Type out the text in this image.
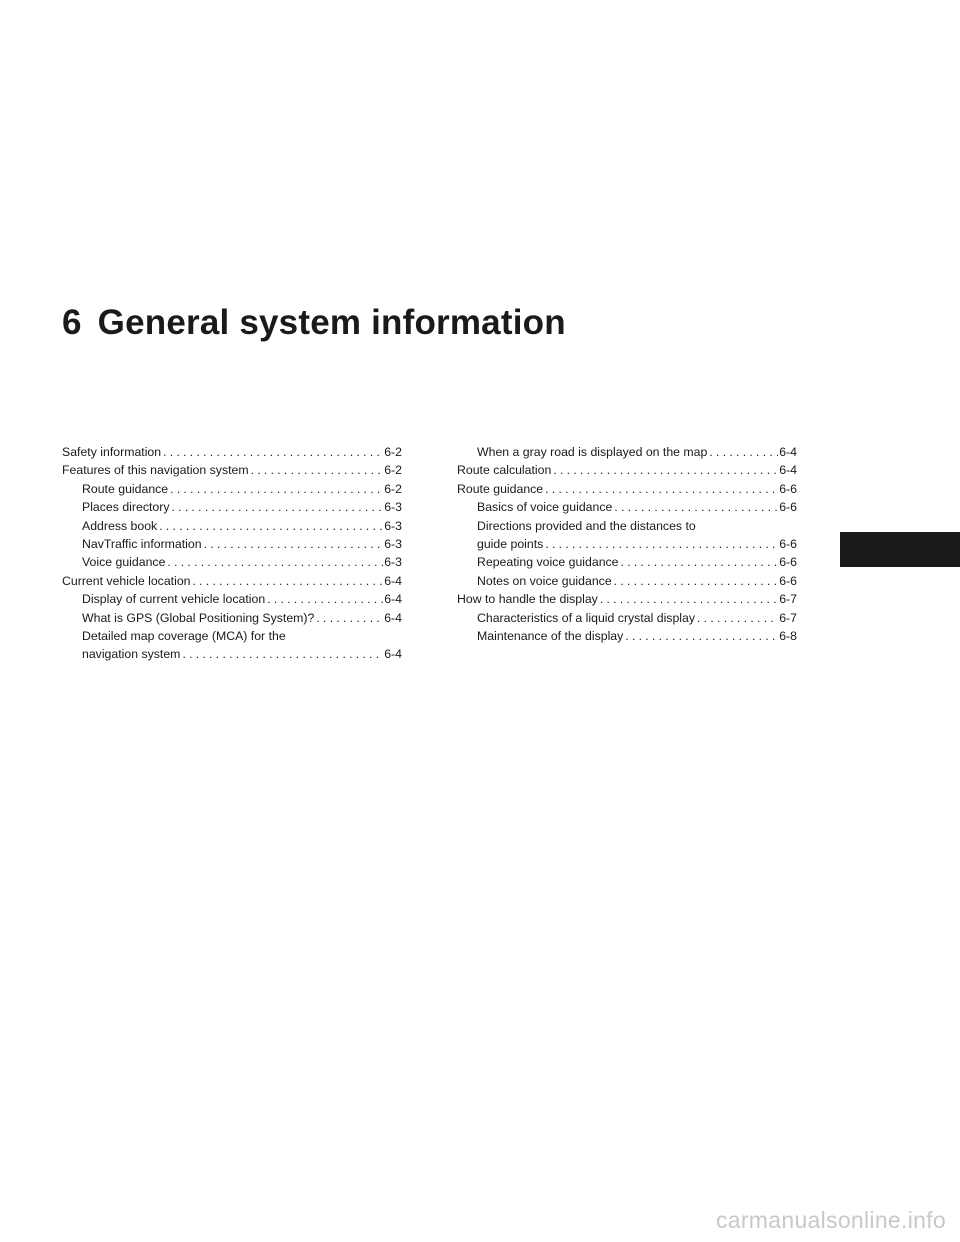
6 General system information
Safety information . . .	6-2
Features of this navigation system . . .	6-2
Route guidance . . .	6-2
Places directory . . .	6-3
Address book . . .	6-3
NavTraffic information . . .	6-3
Voice guidance . . .	6-3
Current vehicle location . . .	6-4
Display of current vehicle location . . .	6-4
What is GPS (Global Positioning System)? . . .	6-4
Detailed map coverage (MCA) for the
navigation system . . .	6-4
When a gray road is displayed on the map . . .	6-4
Route calculation . . .	6-4
Route guidance . . .	6-6
Basics of voice guidance . . .	6-6
Directions provided and the distances to
guide points . . .	6-6
Repeating voice guidance . . .	6-6
Notes on voice guidance . . .	6-6
How to handle the display . . .	6-7
Characteristics of a liquid crystal display . . .	6-7
Maintenance of the display . . .	6-8
carmanualsonline.info
